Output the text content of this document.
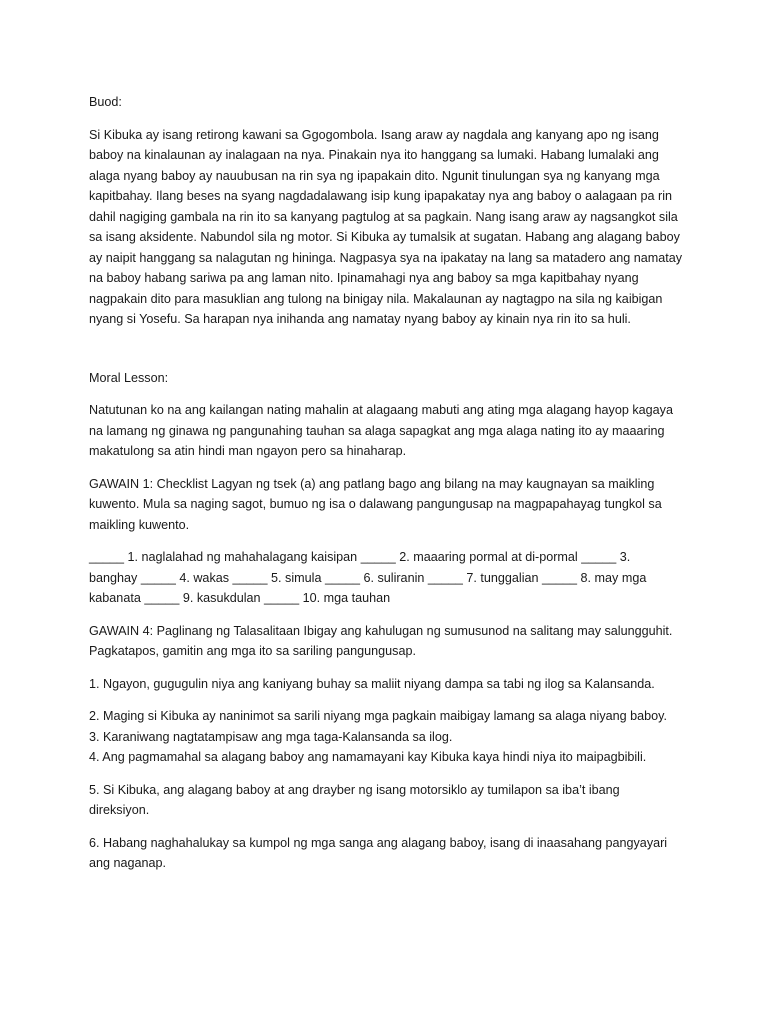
Buod:

Si Kibuka ay isang retirong kawani sa Ggogombola. Isang araw ay nagdala ang kanyang apo ng isang
baboy na kinalaunan ay inalagaan na nya. Pinakain nya ito hanggang sa lumaki. Habang lumalaki ang
alaga nyang baboy ay nauubusan na rin sya ng ipapakain dito. Ngunit tinulungan sya ng kanyang mga
kapitbahay. Ilang beses na syang nagdadalawang isip kung ipapakatay nya ang baboy o aalagaan pa rin
dahil nagiging gambala na rin ito sa kanyang pagtulog at sa pagkain. Nang isang araw ay nagsangkot sila
sa isang aksidente. Nabundol sila ng motor. Si Kibuka ay tumalsik at sugatan. Habang ang alagang baboy
ay naipit hanggang sa nalagutan ng hininga. Nagpasya sya na ipakatay na lang sa matadero ang namatay
na baboy habang sariwa pa ang laman nito. Ipinamahagi nya ang baboy sa mga kapitbahay nyang
nagpakain dito para masuklian ang tulong na binigay nila. Makalaunan ay nagtagpo na sila ng kaibigan
nyang si Yosefu. Sa harapan nya inihanda ang namatay nyang baboy ay kinain nya rin ito sa huli.

Moral Lesson:

Natutunan ko na ang kailangan nating mahalin at alagaang mabuti ang ating mga alagang hayop kagaya
na lamang ng ginawa ng pangunahing tauhan sa alaga sapagkat ang mga alaga nating ito ay maaaring
makatulong sa atin hindi man ngayon pero sa hinaharap.

GAWAIN 1: Checklist Lagyan ng tsek (a) ang patlang bago ang bilang na may kaugnayan sa maikling
kuwento. Mula sa naging sagot, bumuo ng isa o dalawang pangungusap na magpapahayag tungkol sa
maikling kuwento.

_____ 1. naglalahad ng mahahalagang kaisipan _____ 2. maaaring pormal at di-pormal _____ 3.
banghay _____ 4. wakas _____ 5. simula _____ 6. suliranin _____ 7. tunggalian _____ 8. may mga
kabanata _____ 9. kasukdulan _____ 10. mga tauhan

GAWAIN 4: Paglinang ng Talasalitaan Ibigay ang kahulugan ng sumusunod na salitang may salungguhit.
Pagkatapos, gamitin ang mga ito sa sariling pangungusap.

1. Ngayon, gugugulin niya ang kaniyang buhay sa maliit niyang dampa sa tabi ng ilog sa Kalansanda.

2. Maging si Kibuka ay naninimot sa sarili niyang mga pagkain maibigay lamang sa alaga niyang baboy.

3. Karaniwang nagtatampisaw ang mga taga-Kalansanda sa ilog.

4. Ang pagmamahal sa alagang baboy ang namamayani kay Kibuka kaya hindi niya ito maipagbibili.

5. Si Kibuka, ang alagang baboy at ang drayber ng isang motorsiklo ay tumilapon sa iba’t ibang
direksiyon.

6. Habang naghahalukay sa kumpol ng mga sanga ang alagang baboy, isang di inaasahang pangyayari
ang naganap.
